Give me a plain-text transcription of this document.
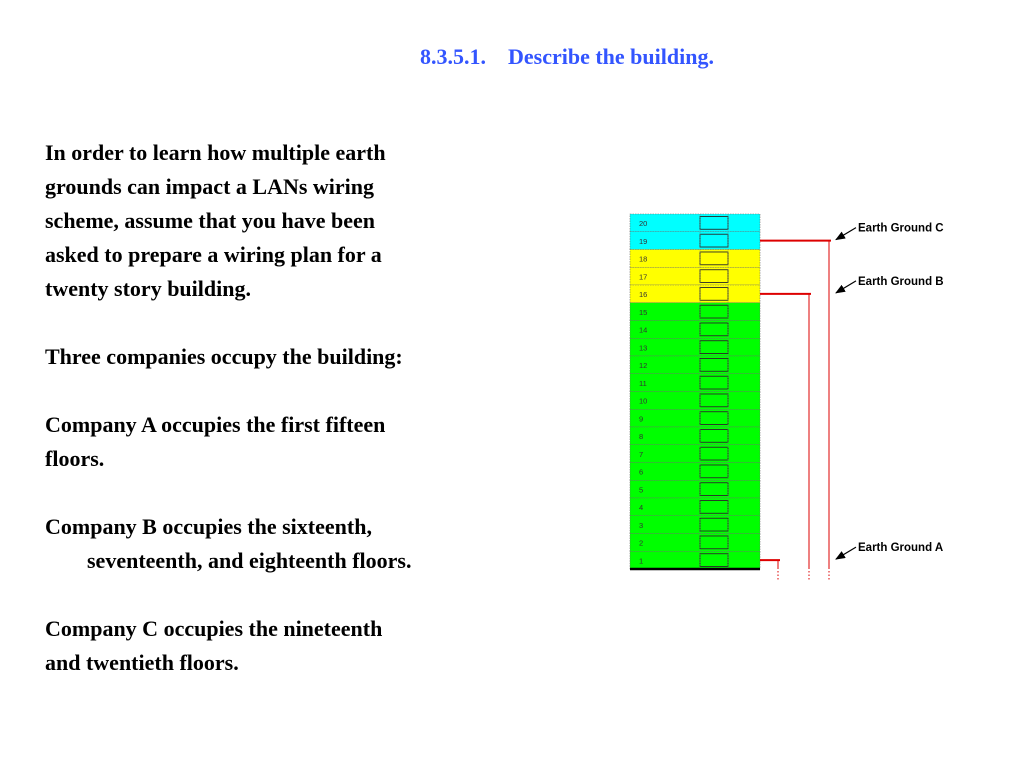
8.3.5.1.    Describe the building.

In order to learn how multiple earth
grounds can impact a LANs wiring
scheme, assume that you have been
asked to prepare a wiring plan for a
twenty story building.

Three companies occupy the building:

Company A occupies the first fifteen
floors.

Company B occupies the sixteenth,

seventeenth, and eighteenth floors.

Company C occupies the nineteenth
and twentieth floors.

20
19
18
17
16
15
14
13
12
11
10
9
8
7
6
5
4
3
2
1
Earth Ground C
Earth Ground B
Earth Ground A
